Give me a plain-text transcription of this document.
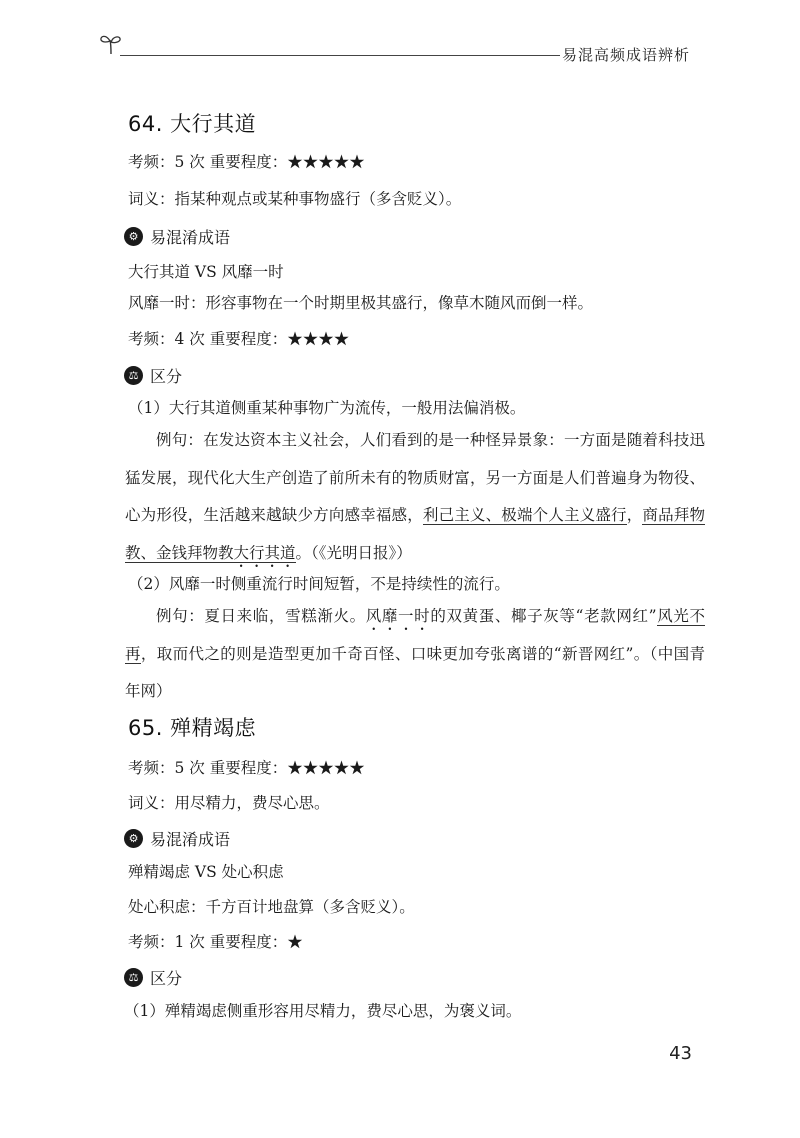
易混高频成语辨析
64. 大行其道
考频：5 次 重要程度：★★★★★
词义：指某种观点或某种事物盛行（多含贬义）。
⚙ 易混淆成语
大行其道 VS 风靡一时
风靡一时：形容事物在一个时期里极其盛行，像草木随风而倒一样。
考频：4 次 重要程度：★★★★
⚖ 区分
（1）大行其道侧重某种事物广为流传，一般用法偏消极。
例句：在发达资本主义社会，人们看到的是一种怪异景象：一方面是随着科技迅猛发展，现代化大生产创造了前所未有的物质财富，另一方面是人们普遍身为物役、心为形役，生活越来越缺少方向感幸福感，利己主义、极端个人主义盛行，商品拜物教、金钱拜物教大行其道。（《光明日报》）
（2）风靡一时侧重流行时间短暂，不是持续性的流行。
例句：夏日来临，雪糕渐火。风靡一时的双黄蛋、椰子灰等“老款网红”风光不再，取而代之的则是造型更加千奇百怪、口味更加夸张离谱的“新晋网红”。（中国青年网）
65. 殚精竭虑
考频：5 次 重要程度：★★★★★
词义：用尽精力，费尽心思。
⚙ 易混淆成语
殚精竭虑 VS 处心积虑
处心积虑：千方百计地盘算（多含贬义）。
考频：1 次 重要程度：★
⚖ 区分
（1）殚精竭虑侧重形容用尽精力，费尽心思，为褒义词。
43
